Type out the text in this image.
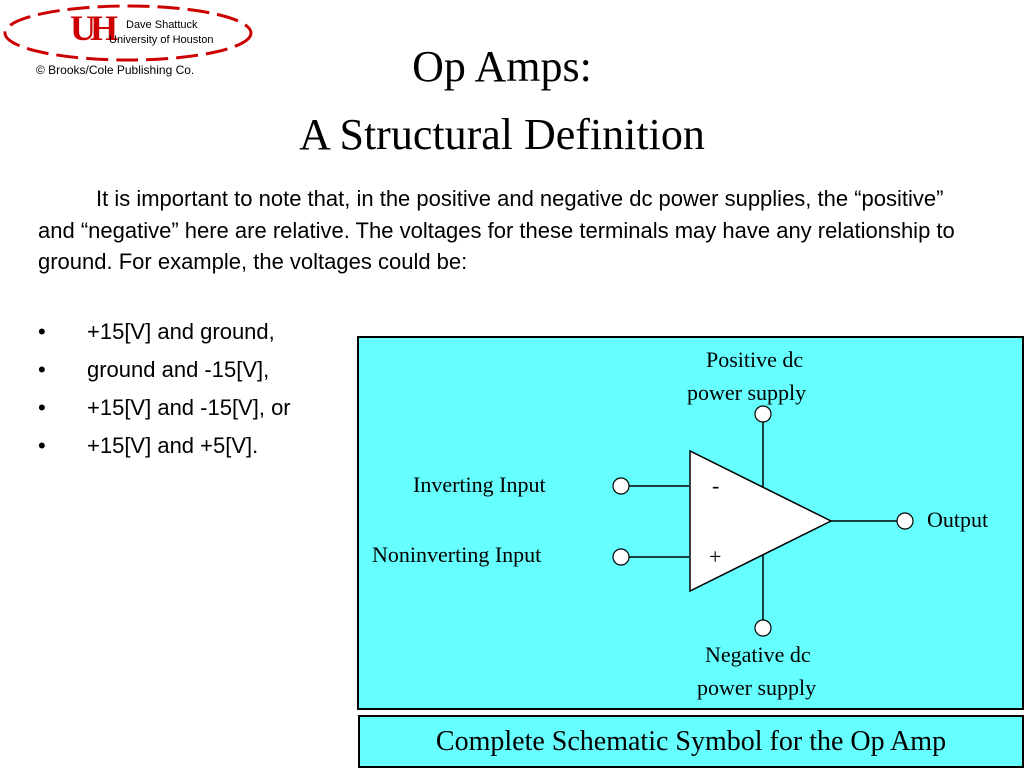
UH Dave Shattuck
University of Houston
© Brooks/Cole Publishing Co.	Op Amps:
A Structural Definition

It is important to note that, in the positive and negative dc power supplies, the “positive” and “negative” here are relative. The voltages for these terminals may have any relationship to ground. For example, the voltages could be:

• +15[V] and ground,
• ground and -15[V],
• +15[V] and -15[V], or
• +15[V] and +5[V].
Positive dc
power supply
Inverting Input
Noninverting Input
Output
-
+
Negative dc
power supply
Complete Schematic Symbol for the Op Amp
